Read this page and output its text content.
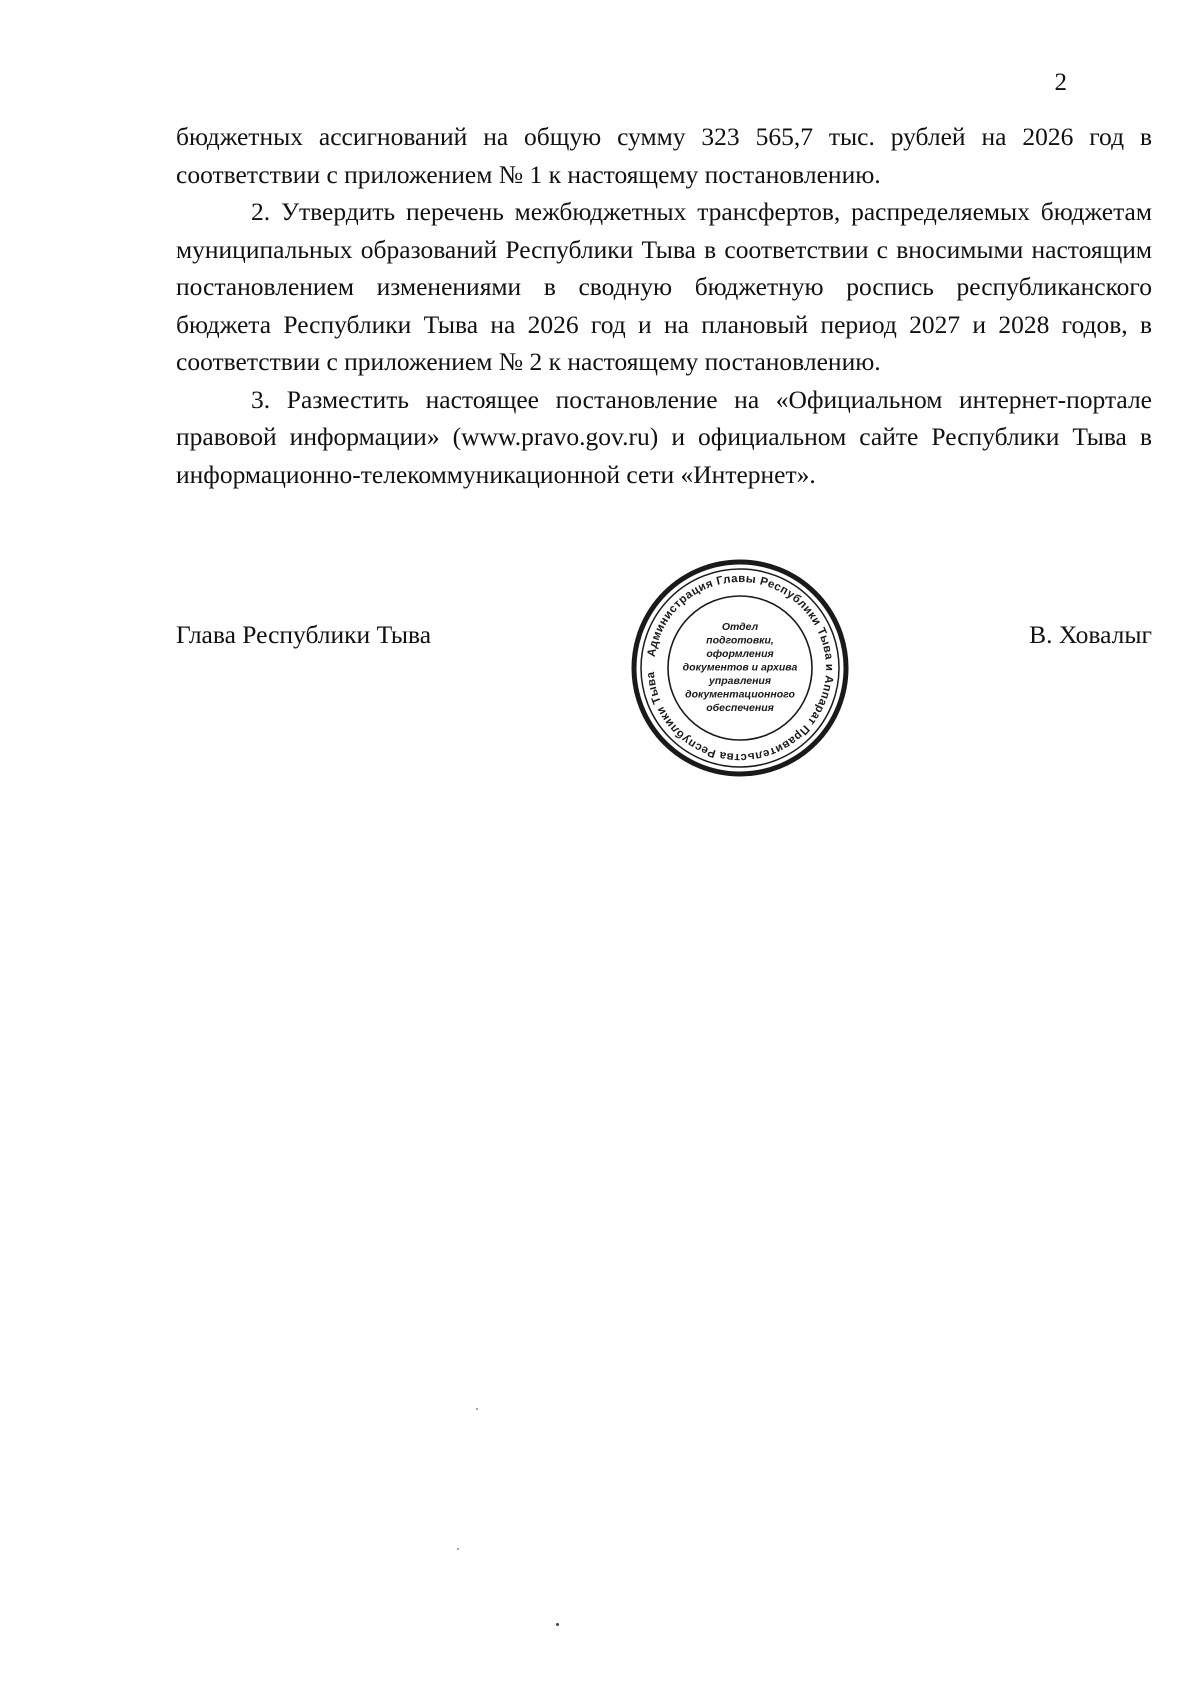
2

бюджетных ассигнований на общую сумму 323 565,7 тыс. рублей на 2026 год в соответствии с приложением № 1 к настоящему постановлению.

2. Утвердить перечень межбюджетных трансфертов, распределяемых бюджетам муниципальных образований Республики Тыва в соответствии с вносимыми настоящим постановлением изменениями в сводную бюджетную роспись республиканского бюджета Республики Тыва на 2026 год и на плановый период 2027 и 2028 годов, в соответствии с приложением № 2 к настоящему постановлению.

3. Разместить настоящее постановление на «Официальном интернет-портале правовой информации» (www.pravo.gov.ru) и официальном сайте Республики Тыва в информационно-телекоммуникационной сети «Интернет».

Глава Республики Тыва
Администрация Главы Республики Тыва и Аппарат Правительства Республики Тыва
Отдел
подготовки,
оформления
документов и архива
управления
документационного
обеспечения
В. Ховалыг
